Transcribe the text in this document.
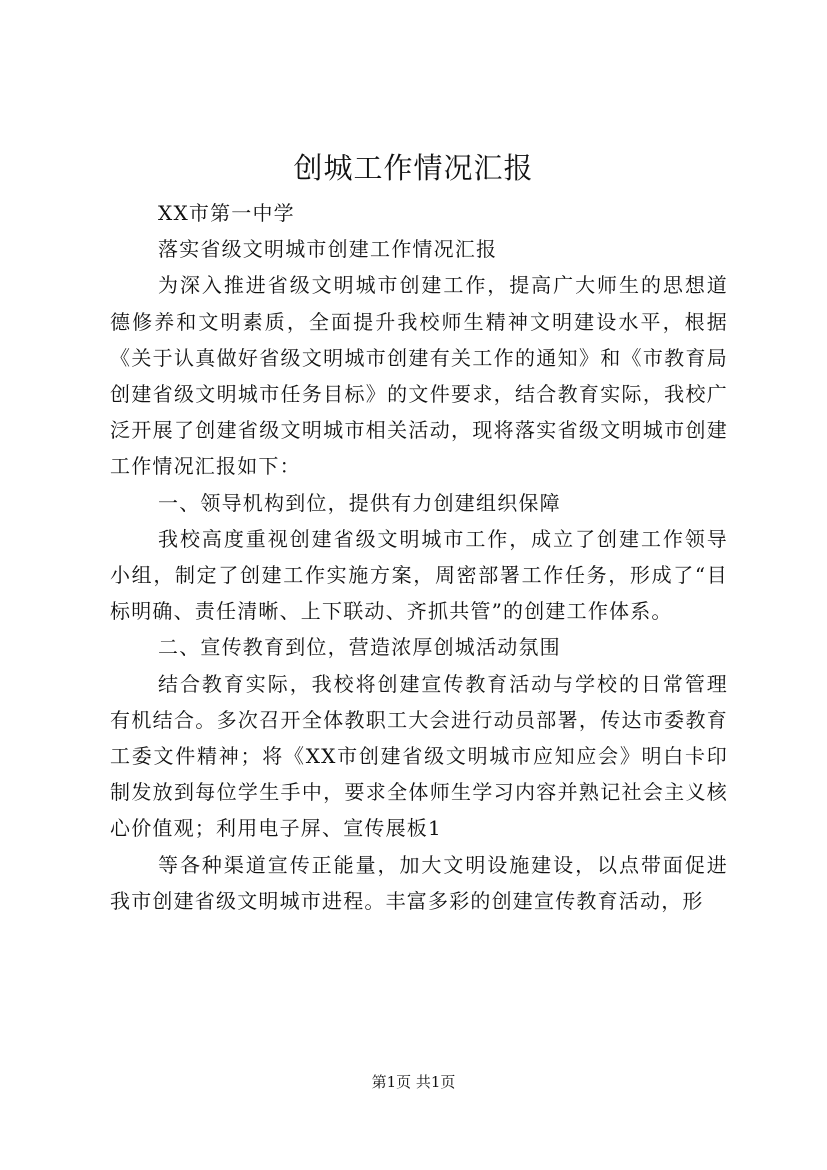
创城工作情况汇报

XX市第一中学

落实省级文明城市创建工作情况汇报

为深入推进省级文明城市创建工作，提高广大师生的思想道德修养和文明素质，全面提升我校师生精神文明建设水平，根据《关于认真做好省级文明城市创建有关工作的通知》和《市教育局创建省级文明城市任务目标》的文件要求，结合教育实际，我校广泛开展了创建省级文明城市相关活动，现将落实省级文明城市创建工作情况汇报如下：

一、领导机构到位，提供有力创建组织保障

我校高度重视创建省级文明城市工作，成立了创建工作领导小组，制定了创建工作实施方案，周密部署工作任务，形成了“目标明确、责任清晰、上下联动、齐抓共管”的创建工作体系。

二、宣传教育到位，营造浓厚创城活动氛围

结合教育实际，我校将创建宣传教育活动与学校的日常管理有机结合。多次召开全体教职工大会进行动员部署，传达市委教育工委文件精神；将《XX市创建省级文明城市应知应会》明白卡印制发放到每位学生手中，要求全体师生学习内容并熟记社会主义核心价值观；利用电子屏、宣传展板1

等各种渠道宣传正能量，加大文明设施建设，以点带面促进我市创建省级文明城市进程。丰富多彩的创建宣传教育活动，形

第1页 共1页
